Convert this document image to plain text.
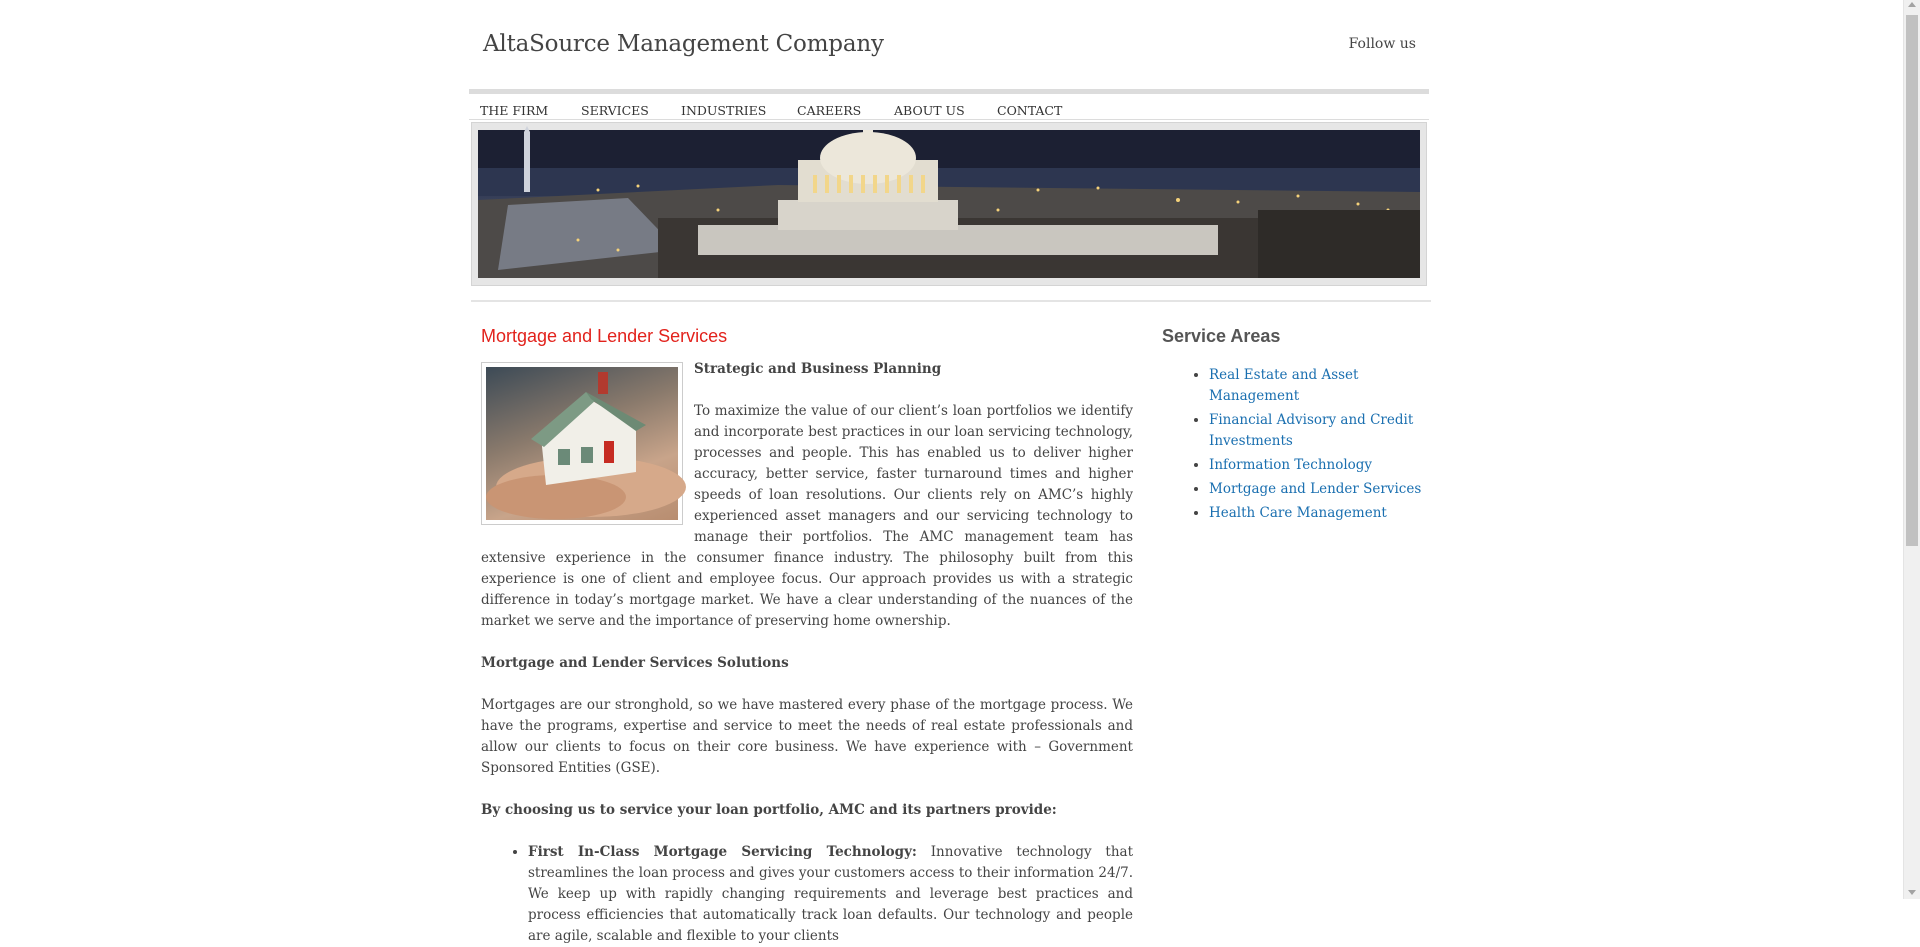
AltaSource Management Company	Follow us
THE FIRM	SERVICES	INDUSTRIES	CAREERS	ABOUT US	CONTACT
Mortgage and Lender Services
Strategic and Business Planning

To maximize the value of our client’s loan portfolios we identify and incorporate best practices in our loan servicing technology, processes and people. This has enabled us to deliver higher accuracy, better service, faster turnaround times and higher speeds of loan resolutions. Our clients rely on AMC’s highly experienced asset managers and our servicing technology to manage their portfolios. The AMC management team has extensive experience in the consumer finance industry. The philosophy built from this experience is one of client and employee focus. Our approach provides us with a strategic difference in today’s mortgage market. We have a clear understanding of the nuances of the market we serve and the importance of preserving home ownership.

Mortgage and Lender Services Solutions

Mortgages are our stronghold, so we have mastered every phase of the mortgage process. We have the programs, expertise and service to meet the needs of real estate professionals and allow our clients to focus on their core business. We have experience with – Government Sponsored Entities (GSE).

By choosing us to service your loan portfolio, AMC and its partners provide:
• First In-Class Mortgage Servicing Technology: Innovative technology that streamlines the loan process and gives your customers access to their information 24/7. We keep up with rapidly changing requirements and leverage best practices and process efficiencies that automatically track loan defaults. Our technology and people are agile, scalable and flexible to your clients
Service Areas
• Real Estate and Asset Management
• Financial Advisory and Credit Investments
• Information Technology
• Mortgage and Lender Services
• Health Care Management
